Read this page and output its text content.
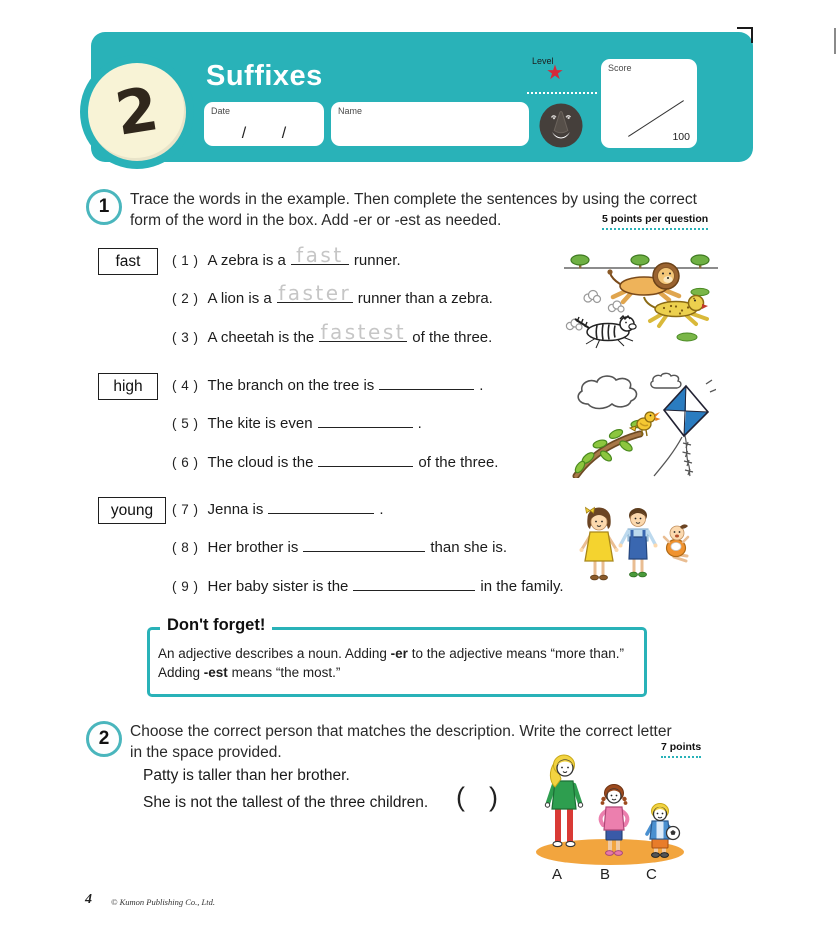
2 Suffixes
Date
/        /
Name
Level
★	Score
100
1 Trace the words in the example. Then complete the sentences by using the correct
form of the word in the box. Add -er or -est as needed.	5 points per question
fast
high
young
( 1 ) A zebra is a fast runner.
( 2 ) A lion is a faster runner than a zebra.
( 3 ) A cheetah is the fastest of the three.
( 4 ) The branch on the tree is	.
( 5 ) The kite is even	.
( 6 ) The cloud is the	of the three.
( 7 ) Jenna is	.
( 8 ) Her brother is	than she is.
( 9 ) Her baby sister is the	in the family.
Don't forget!
An adjective describes a noun. Adding -er to the adjective means “more than.”
Adding -est means “the most.”
2 Choose the correct person that matches the description. Write the correct letter
in the space provided.	7 points
Patty is taller than her brother.
She is not the tallest of the three children. ( )
A	B C
4 © Kumon Publishing Co., Ltd.
